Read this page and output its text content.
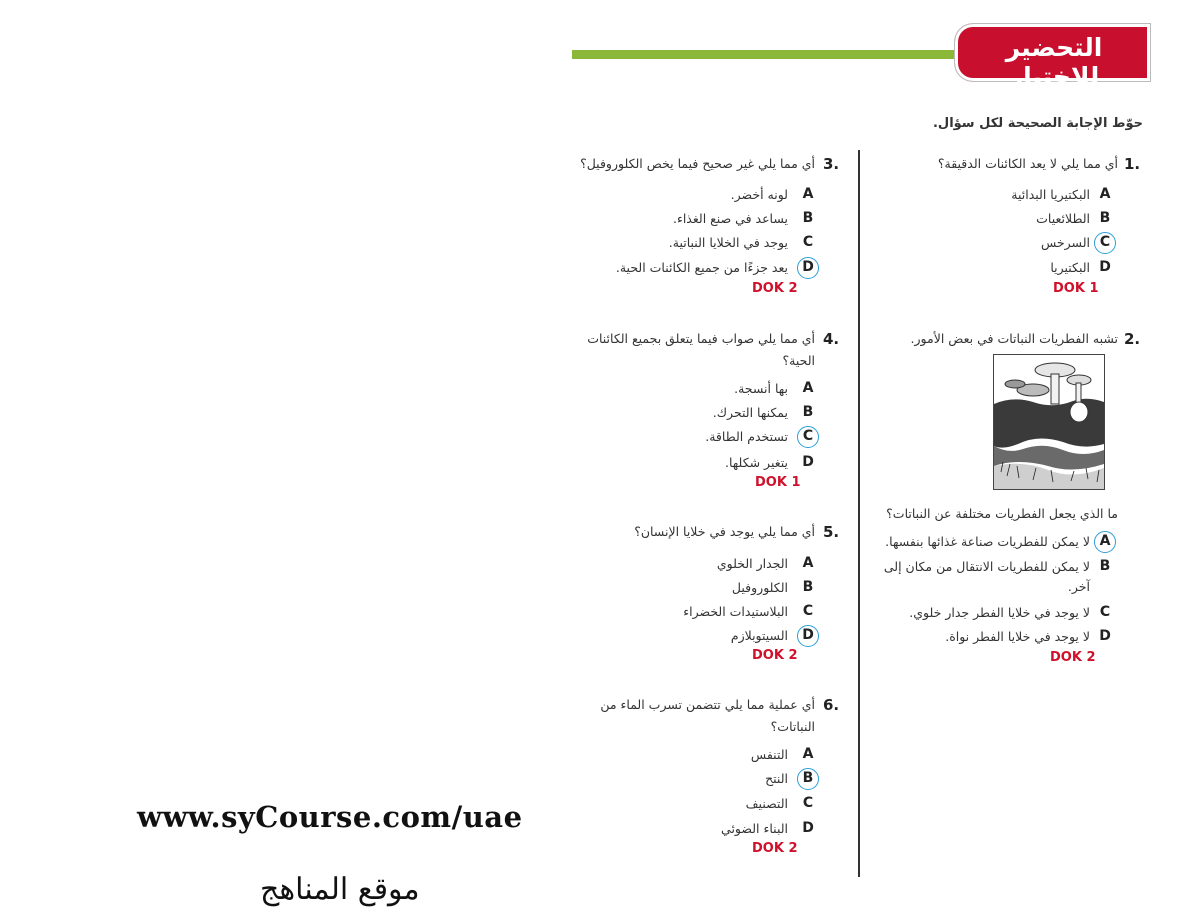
التحضير للاختبار
حوّط الإجابة الصحيحة لكل سؤال.
1.
أي مما يلي لا يعد الكائنات الدقيقة؟
A
البكتيريا البدائية
B
الطلائعيات
C
السرخس
D
البكتيريا
DOK 1
2.
تشبه الفطريات النباتات في بعض الأمور.
ما الذي يجعل الفطريات مختلفة عن النباتات؟
A
لا يمكن للفطريات صناعة غذائها بنفسها.
B
لا يمكن للفطريات الانتقال من مكان إلى
آخر.
C
لا يوجد في خلايا الفطر جدار خلوي.
D
لا يوجد في خلايا الفطر نواة.
DOK 2
3.
أي مما يلي غير صحيح فيما يخص الكلوروفيل؟
A
لونه أخضر.
B
يساعد في صنع الغذاء.
C
يوجد في الخلايا النباتية.
D
يعد جزءًا من جميع الكائنات الحية.
DOK 2
4.
أي مما يلي صواب فيما يتعلق بجميع الكائنات
الحية؟
A
بها أنسجة.
B
يمكنها التحرك.
C
تستخدم الطاقة.
D
يتغير شكلها.
DOK 1
5.
أي مما يلي يوجد في خلايا الإنسان؟
A
الجدار الخلوي
B
الكلوروفيل
C
البلاستيدات الخضراء
D
السيتوبلازم
DOK 2
6.
أي عملية مما يلي تتضمن تسرب الماء من
النباتات؟
A
التنفس
B
النتح
C
التصنيف
D
البناء الضوئي
DOK 2
www.syCourse.com/uae
موقع المناهج
